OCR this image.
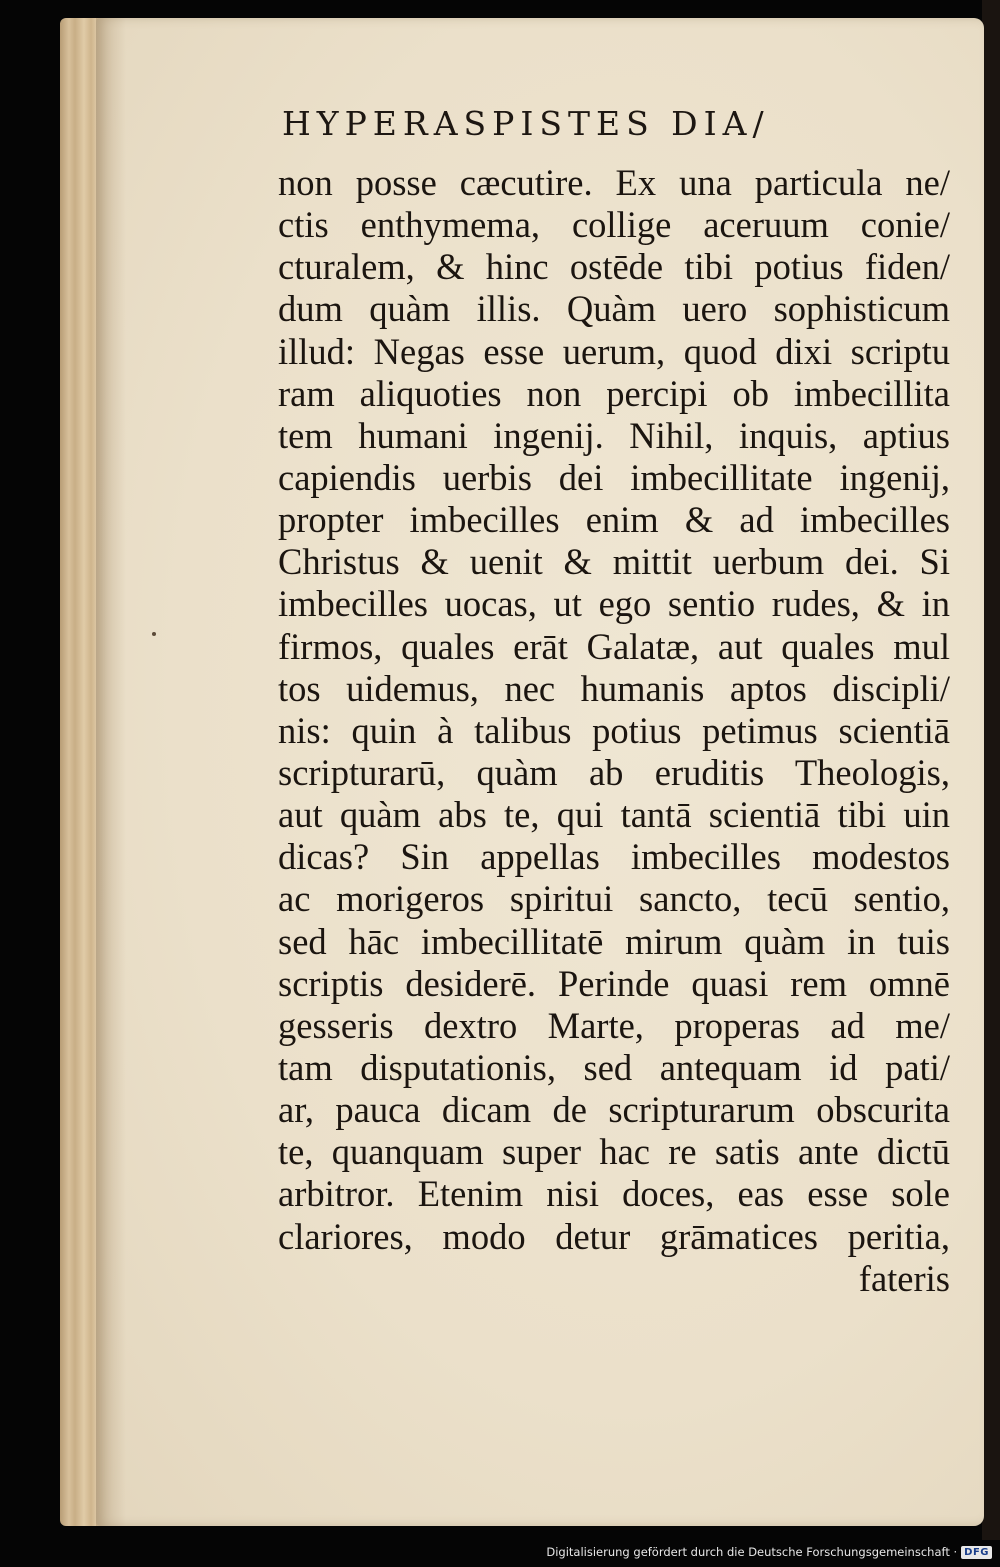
HYPERASPISTES DIA/
non posse cæcutire. Ex una particula ne/
ctis enthymema, collige aceruum conie/
cturalem, & hinc ostēde tibi potius fiden/
dum quàm illis. Quàm uero sophisticum
illud: Negas esse uerum, quod dixi scriptu
ram aliquoties non percipi ob imbecillita
tem humani ingenij. Nihil, inquis, aptius
capiendis uerbis dei imbecillitate ingenij,
propter imbecilles enim & ad imbecilles
Christus & uenit & mittit uerbum dei. Si
imbecilles uocas, ut ego sentio rudes, & in
firmos, quales erāt Galatæ, aut quales mul
tos uidemus, nec humanis aptos discipli/
nis: quin à talibus potius petimus scientiā
scripturarū, quàm ab eruditis Theologis,
aut quàm abs te, qui tantā scientiā tibi uin
dicas? Sin appellas imbecilles modestos
ac morigeros spiritui sancto, tecū sentio,
sed hāc imbecillitatē mirum quàm in tuis
scriptis desiderē. Perinde quasi rem omnē
gesseris dextro Marte, properas ad me/
tam disputationis, sed antequam id pati/
ar, pauca dicam de scripturarum obscurita
te, quanquam super hac re satis ante dictū
arbitror. Etenim nisi doces, eas esse sole
clariores, modo detur grāmatices peritia,
fateris
Digitalisierung gefördert durch die Deutsche Forschungsgemeinschaft · DFG
